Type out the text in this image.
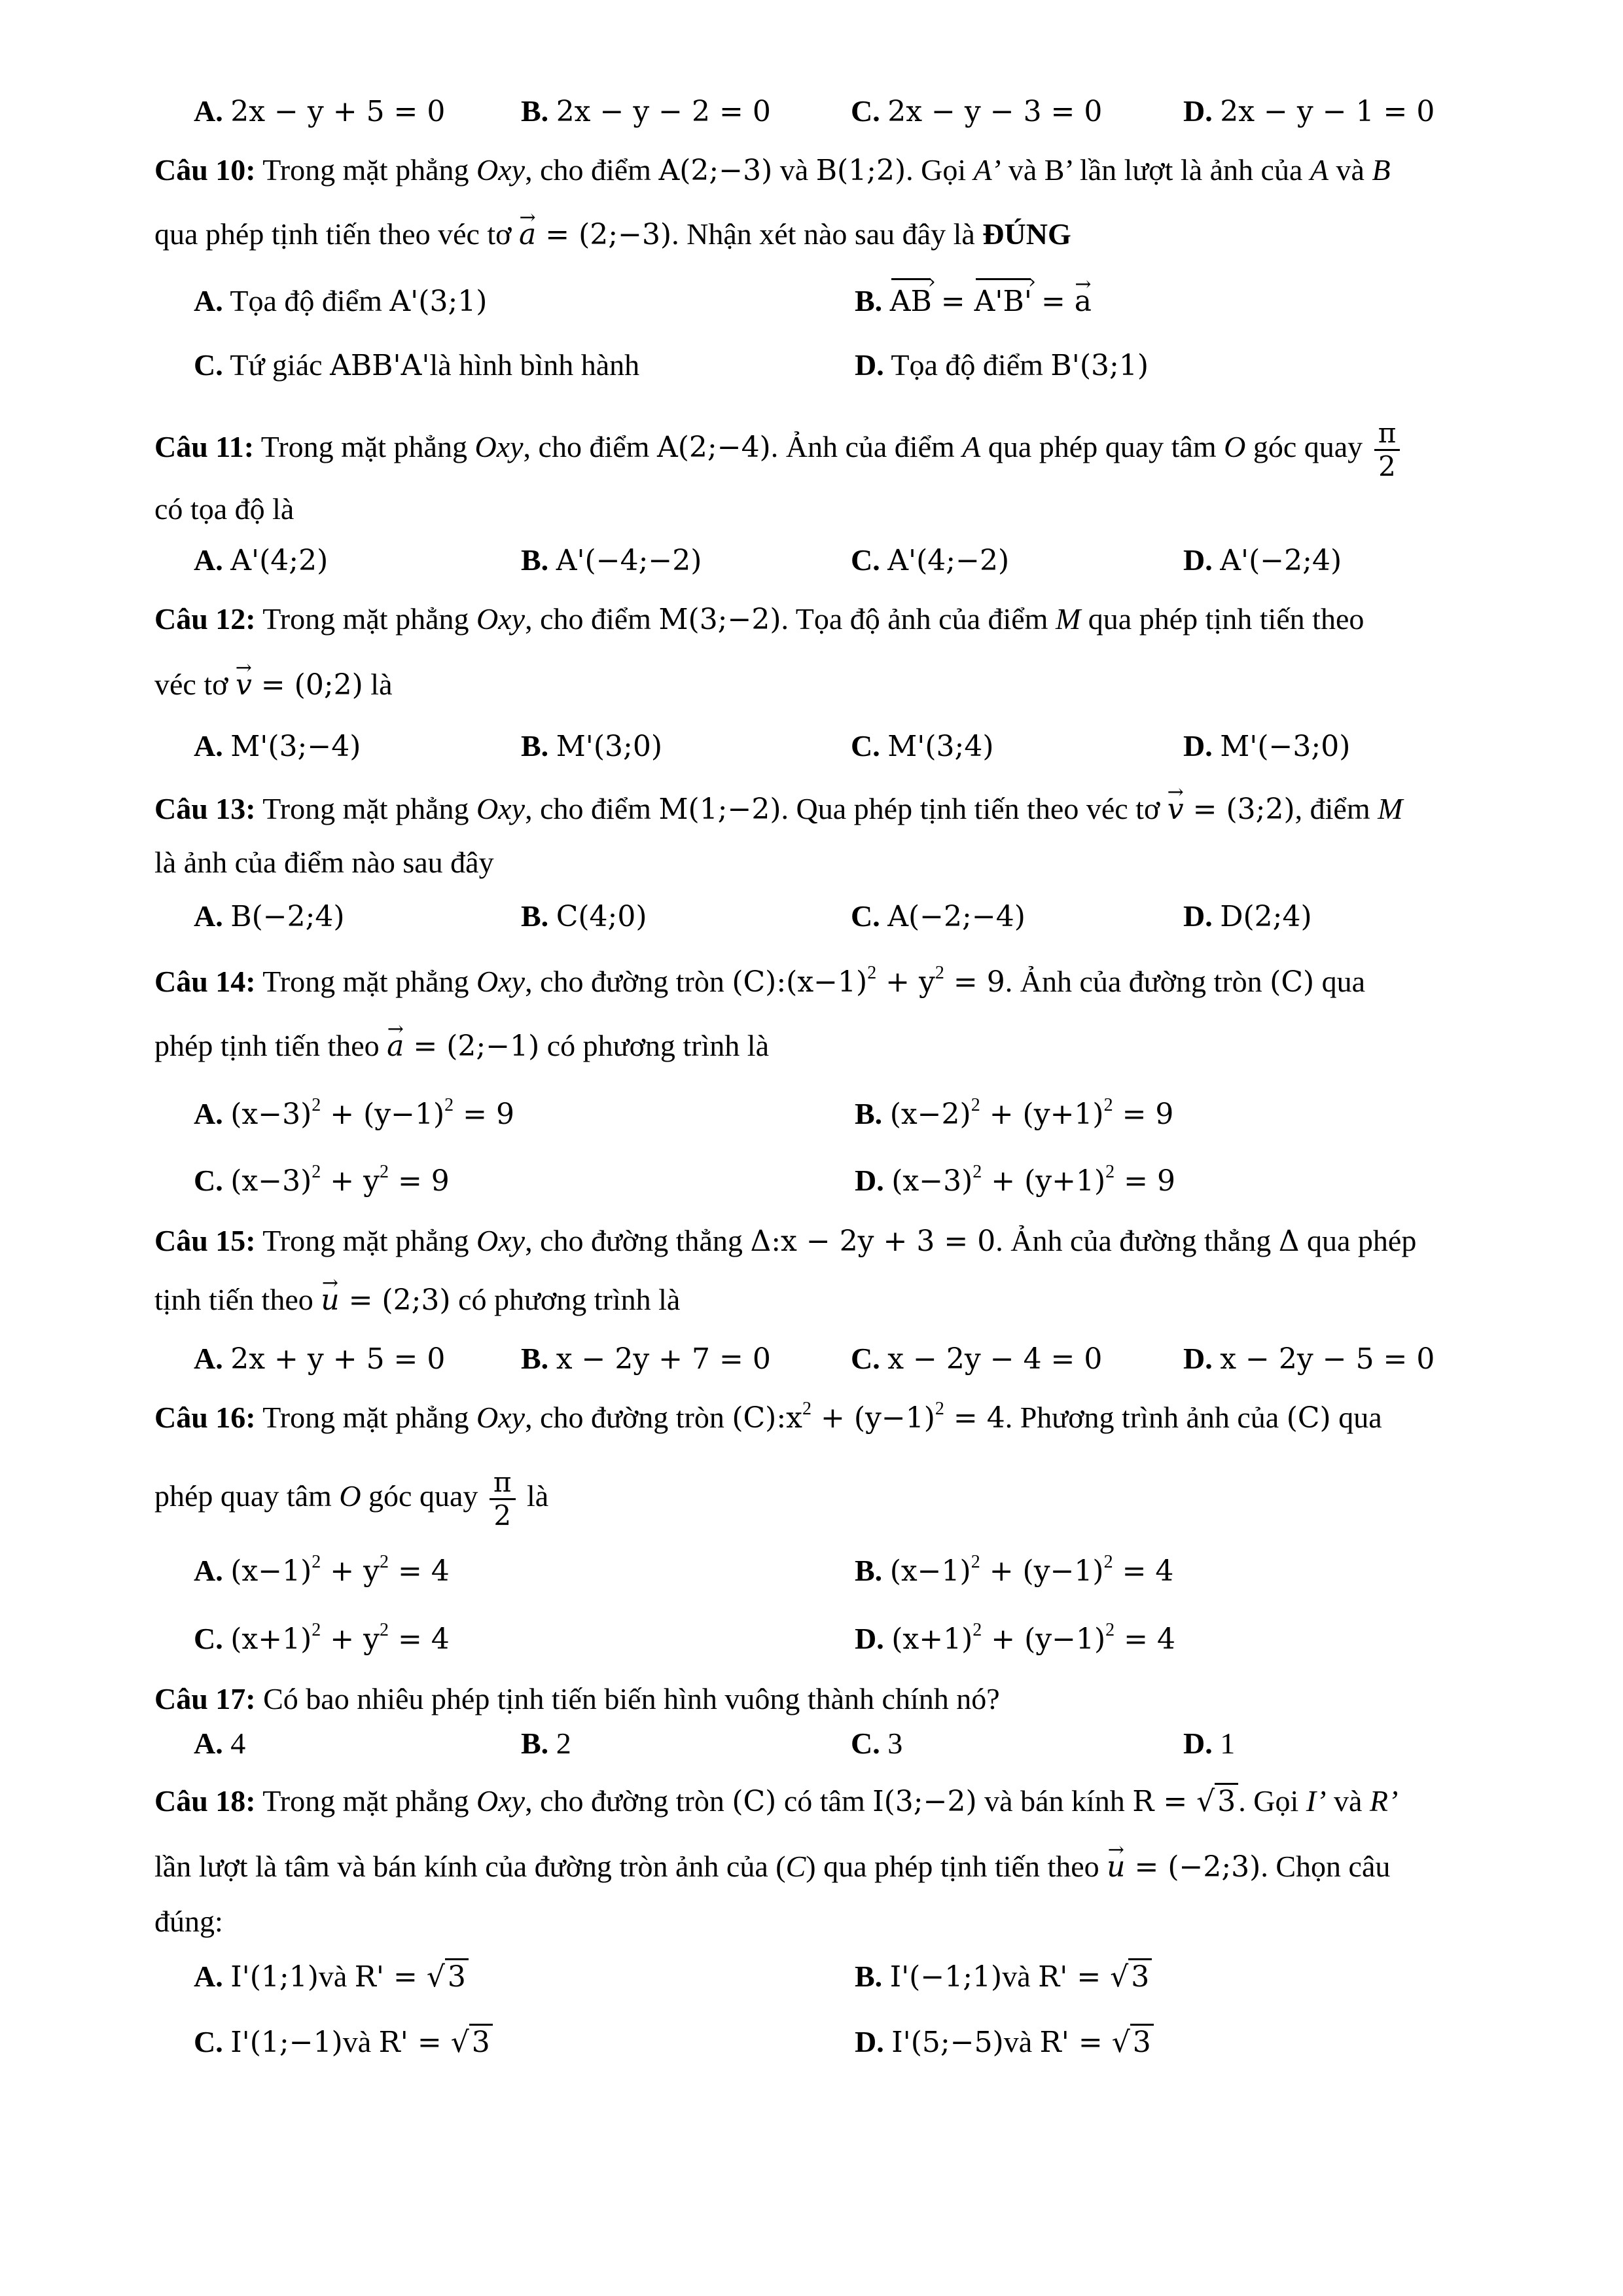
A. 2x − y + 5 = 0	B. 2x − y − 2 = 0	C. 2x − y − 3 = 0	D. 2x − y − 1 = 0
Câu 10: Trong mặt phẳng Oxy, cho điểm A(2;−3) và B(1;2). Gọi A’ và B’ lần lượt là ảnh của A và B
qua phép tịnh tiến theo véc tơ → a = (2;−3). Nhận xét nào sau đây là ĐÚNG
A. Tọa độ điểm A'(3;1)	B. AB › = A'B' › = → a
C. Tứ giác ABB'A'là hình bình hành	D. Tọa độ điểm B'(3;1)
Câu 11: Trong mặt phẳng Oxy, cho điểm A(2;−4). Ảnh của điểm A qua phép quay tâm O góc quay $\frac{\pi}{2}$
có tọa độ là
A. A'(4;2)	B. A'(−4;−2)	C. A'(4;−2)	D. A'(−2;4)
Câu 12: Trong mặt phẳng Oxy, cho điểm M(3;−2). Tọa độ ảnh của điểm M qua phép tịnh tiến theo
véc tơ → v = (0;2) là
A. M'(3;−4)	B. M'(3;0)	C. M'(3;4)	D. M'(−3;0)
Câu 13: Trong mặt phẳng Oxy, cho điểm M(1;−2). Qua phép tịnh tiến theo véc tơ → v = (3;2), điểm M
là ảnh của điểm nào sau đây
A. B(−2;4)	B. C(4;0)	C. A(−2;−4)	D. D(2;4)
Câu 14: Trong mặt phẳng Oxy, cho đường tròn $(C):(x-1)^2 + y^2 = 9$. Ảnh của đường tròn (C) qua
phép tịnh tiến theo → a = (2;−1) có phương trình là
A. $(x-3)^2 + (y-1)^2 = 9$	B. $(x-2)^2 + (y+1)^2 = 9$
C. $(x-3)^2 + y^2 = 9$	D. $(x-3)^2 + (y+1)^2 = 9$
Câu 15: Trong mặt phẳng Oxy, cho đường thẳng Δ:x − 2y + 3 = 0. Ảnh của đường thẳng Δ qua phép
tịnh tiến theo → u = (2;3) có phương trình là
A. 2x + y + 5 = 0	B. x − 2y + 7 = 0	C. x − 2y − 4 = 0	D. x − 2y − 5 = 0
Câu 16: Trong mặt phẳng Oxy, cho đường tròn $(C):x^2 + (y-1)^2 = 4$. Phương trình ảnh của (C) qua
phép quay tâm O góc quay $\frac{\pi}{2}$ là
A. $(x-1)^2 + y^2 = 4$	B. $(x-1)^2 + (y-1)^2 = 4$
C. $(x+1)^2 + y^2 = 4$	D. $(x+1)^2 + (y-1)^2 = 4$
Câu 17: Có bao nhiêu phép tịnh tiến biến hình vuông thành chính nó?
A. 4	B. 2	C. 3	D. 1
Câu 18: Trong mặt phẳng Oxy, cho đường tròn (C) có tâm I(3;−2) và bán kính R = √3. Gọi I’ và R’
lần lượt là tâm và bán kính của đường tròn ảnh của (C) qua phép tịnh tiến theo → u = (−2;3). Chọn câu
đúng:
A. I'(1;1)và R' = √3	B. I'(−1;1)và R' = √3
C. I'(1;−1)và R' = √3	D. I'(5;−5)và R' = √3
